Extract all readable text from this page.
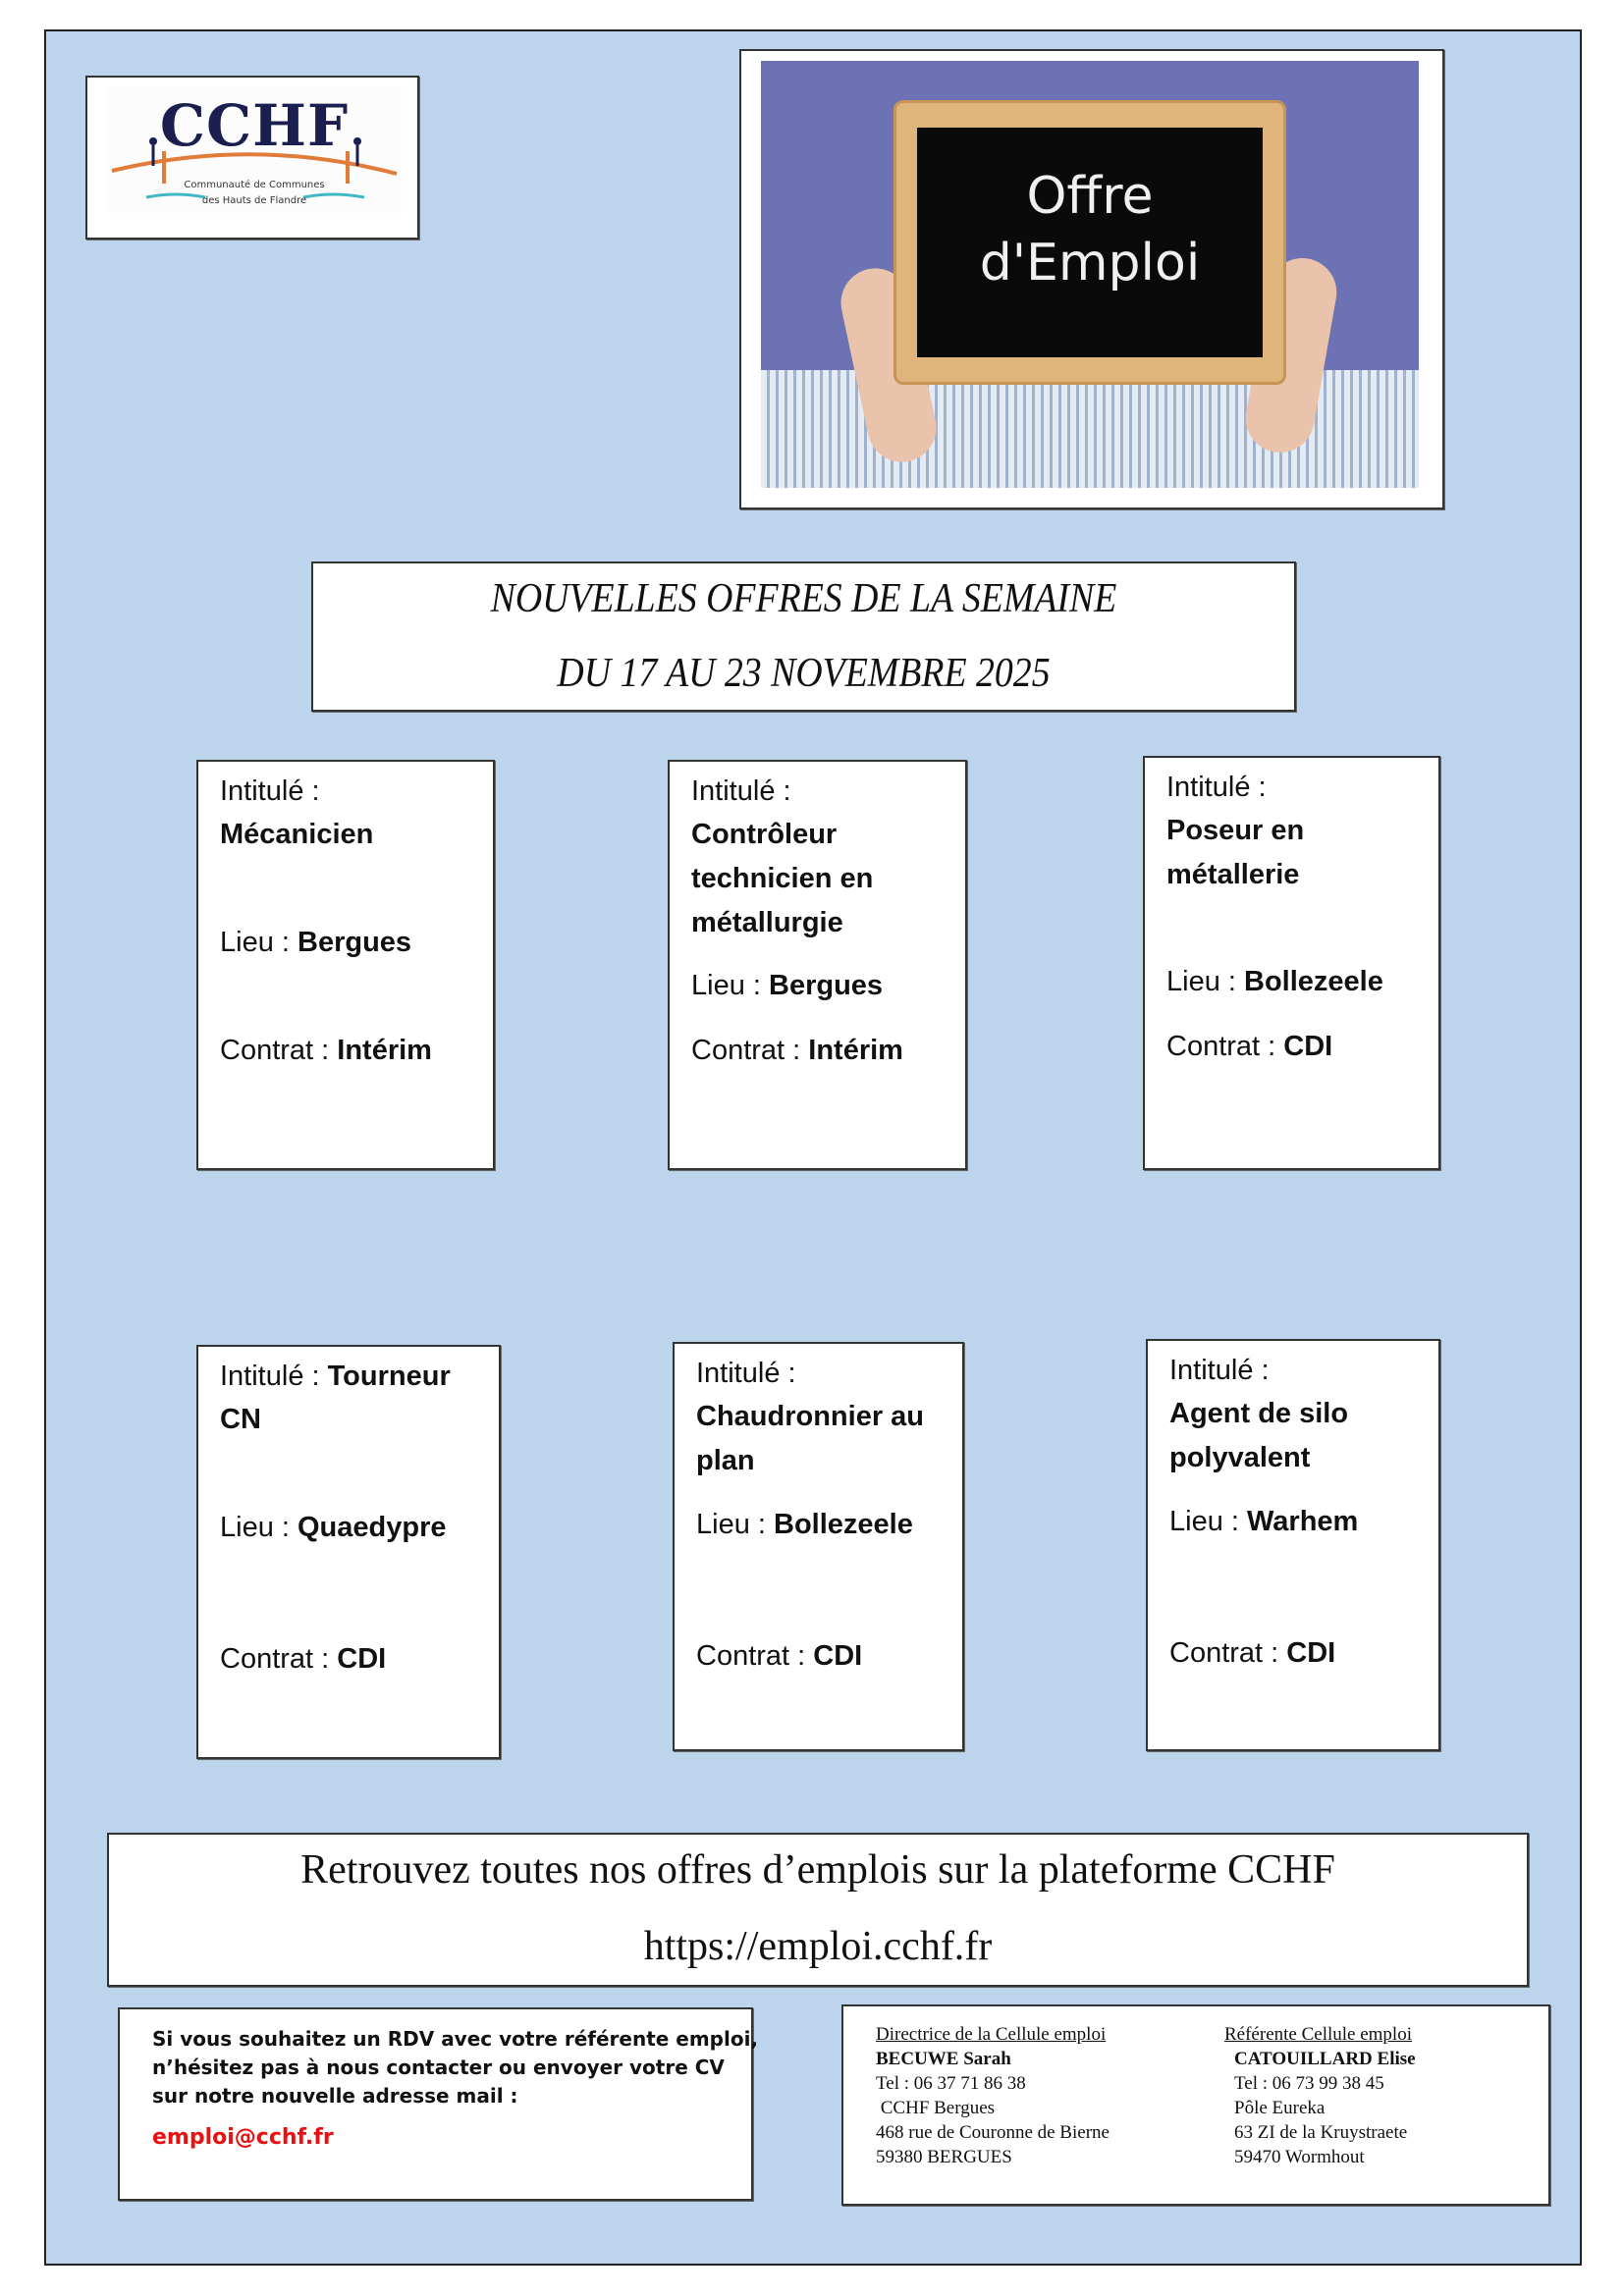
CCHF
Communauté de Communes
des Hauts de Flandre	Offre
d'Emploi
NOUVELLES OFFRES DE LA SEMAINE
DU 17 AU 23 NOVEMBRE 2025
Intitulé :
Mécanicien
Lieu : Bergues
Contrat : Intérim
Intitulé :
Contrôleur
technicien en
métallurgie
Lieu : Bergues
Contrat : Intérim
Intitulé :
Poseur en
métallerie
Lieu : Bollezeele
Contrat : CDI
Intitulé : Tourneur
CN
Lieu : Quaedypre
Contrat : CDI
Intitulé :
Chaudronnier au
plan
Lieu : Bollezeele
Contrat : CDI
Intitulé :
Agent de silo
polyvalent
Lieu : Warhem
Contrat : CDI
Retrouvez toutes nos offres d’emplois sur la plateforme CCHF
https://emploi.cchf.fr
Si vous souhaitez un RDV avec votre référente emploi,
n’hésitez pas à nous contacter ou envoyer votre CV
sur notre nouvelle adresse mail :
emploi@cchf.fr
Directrice de la Cellule emploi
BECUWE Sarah
Tel : 06 37 71 86 38
CCHF Bergues
468 rue de Couronne de Bierne
59380 BERGUES
Référente Cellule emploi
CATOUILLARD Elise
Tel : 06 73 99 38 45
Pôle Eureka
63 ZI de la Kruystraete
59470 Wormhout
